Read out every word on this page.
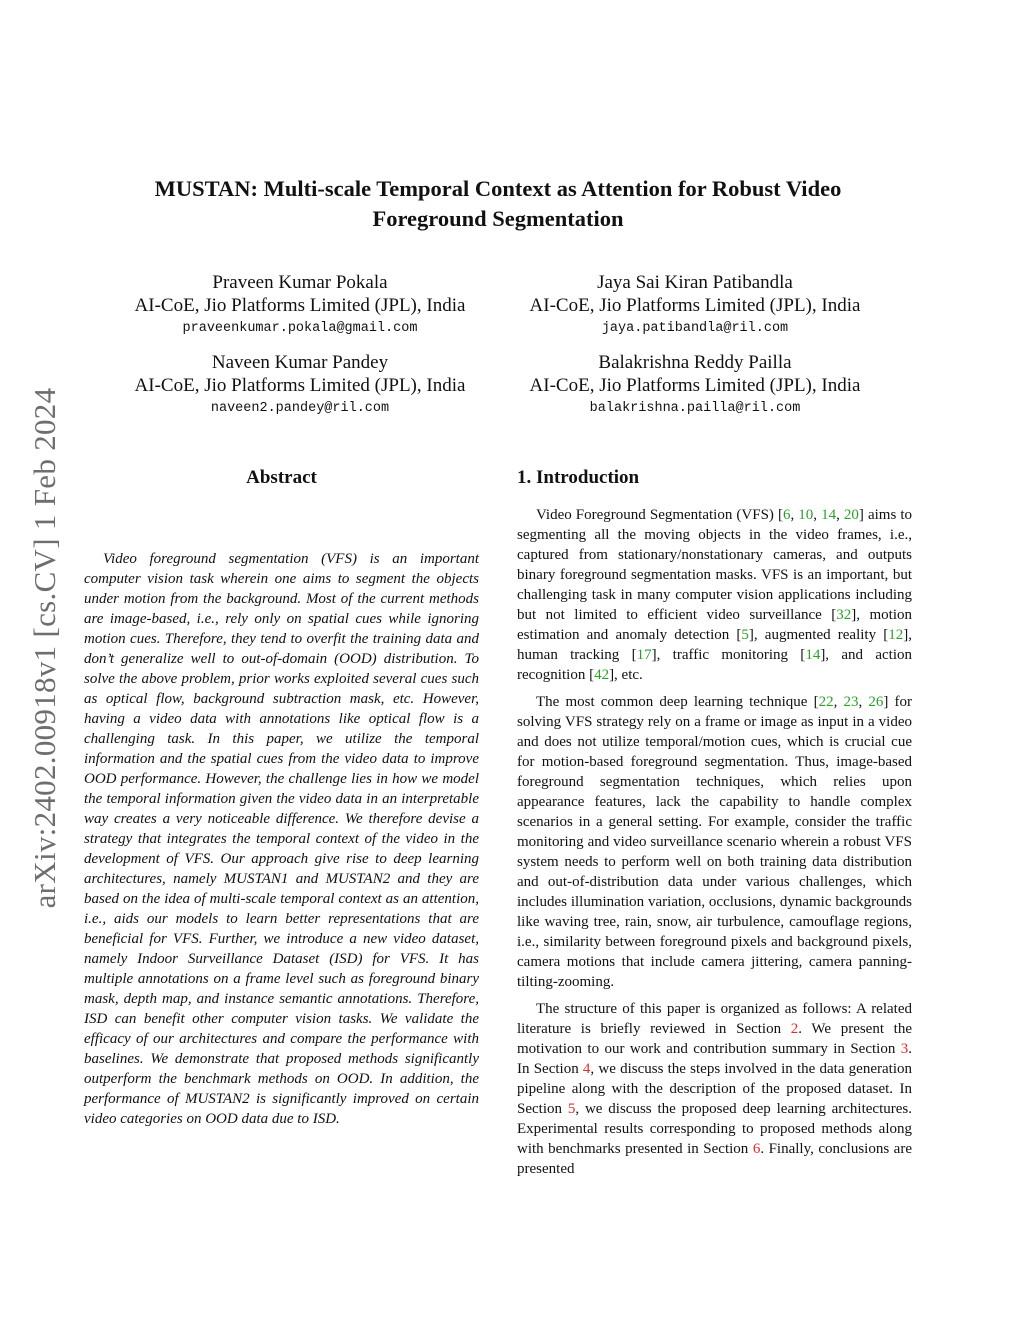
arXiv:2402.00918v1 [cs.CV] 1 Feb 2024
MUSTAN: Multi-scale Temporal Context as Attention for Robust Video Foreground Segmentation
Praveen Kumar Pokala
AI-CoE, Jio Platforms Limited (JPL), India
praveenkumar.pokala@gmail.com
Jaya Sai Kiran Patibandla
AI-CoE, Jio Platforms Limited (JPL), India
jaya.patibandla@ril.com
Naveen Kumar Pandey
AI-CoE, Jio Platforms Limited (JPL), India
naveen2.pandey@ril.com
Balakrishna Reddy Pailla
AI-CoE, Jio Platforms Limited (JPL), India
balakrishna.pailla@ril.com
Abstract

Video foreground segmentation (VFS) is an important computer vision task wherein one aims to segment the objects under motion from the background. Most of the current methods are image-based, i.e., rely only on spatial cues while ignoring motion cues. Therefore, they tend to overfit the training data and don’t generalize well to out-of-domain (OOD) distribution. To solve the above problem, prior works exploited several cues such as optical flow, background subtraction mask, etc. However, having a video data with annotations like optical flow is a challenging task. In this paper, we utilize the temporal information and the spatial cues from the video data to improve OOD performance. However, the challenge lies in how we model the temporal information given the video data in an interpretable way creates a very noticeable difference. We therefore devise a strategy that integrates the temporal context of the video in the development of VFS. Our approach give rise to deep learning architectures, namely MUSTAN1 and MUSTAN2 and they are based on the idea of multi-scale temporal context as an attention, i.e., aids our models to learn better representations that are beneficial for VFS. Further, we introduce a new video dataset, namely Indoor Surveillance Dataset (ISD) for VFS. It has multiple annotations on a frame level such as foreground binary mask, depth map, and instance semantic annotations. Therefore, ISD can benefit other computer vision tasks. We validate the efficacy of our architectures and compare the performance with baselines. We demonstrate that proposed methods significantly outperform the benchmark methods on OOD. In addition, the performance of MUSTAN2 is significantly improved on certain video categories on OOD data due to ISD.

1. Introduction

Video Foreground Segmentation (VFS) [6, 10, 14, 20] aims to segmenting all the moving objects in the video frames, i.e., captured from stationary/nonstationary cameras, and outputs binary foreground segmentation masks. VFS is an important, but challenging task in many computer vision applications including but not limited to efficient video surveillance [32], motion estimation and anomaly detection [5], augmented reality [12], human tracking [17], traffic monitoring [14], and action recognition [42], etc.

The most common deep learning technique [22, 23, 26] for solving VFS strategy rely on a frame or image as input in a video and does not utilize temporal/motion cues, which is crucial cue for motion-based foreground segmentation. Thus, image-based foreground segmentation techniques, which relies upon appearance features, lack the capability to handle complex scenarios in a general setting. For example, consider the traffic monitoring and video surveillance scenario wherein a robust VFS system needs to perform well on both training data distribution and out-of-distribution data under various challenges, which includes illumination variation, occlusions, dynamic backgrounds like waving tree, rain, snow, air turbulence, camouflage regions, i.e., similarity between foreground pixels and background pixels, camera motions that include camera jittering, camera panning-tilting-zooming.

The structure of this paper is organized as follows: A related literature is briefly reviewed in Section 2. We present the motivation to our work and contribution summary in Section 3. In Section 4, we discuss the steps involved in the data generation pipeline along with the description of the proposed dataset. In Section 5, we discuss the proposed deep learning architectures. Experimental results corresponding to proposed methods along with benchmarks presented in Section 6. Finally, conclusions are presented
